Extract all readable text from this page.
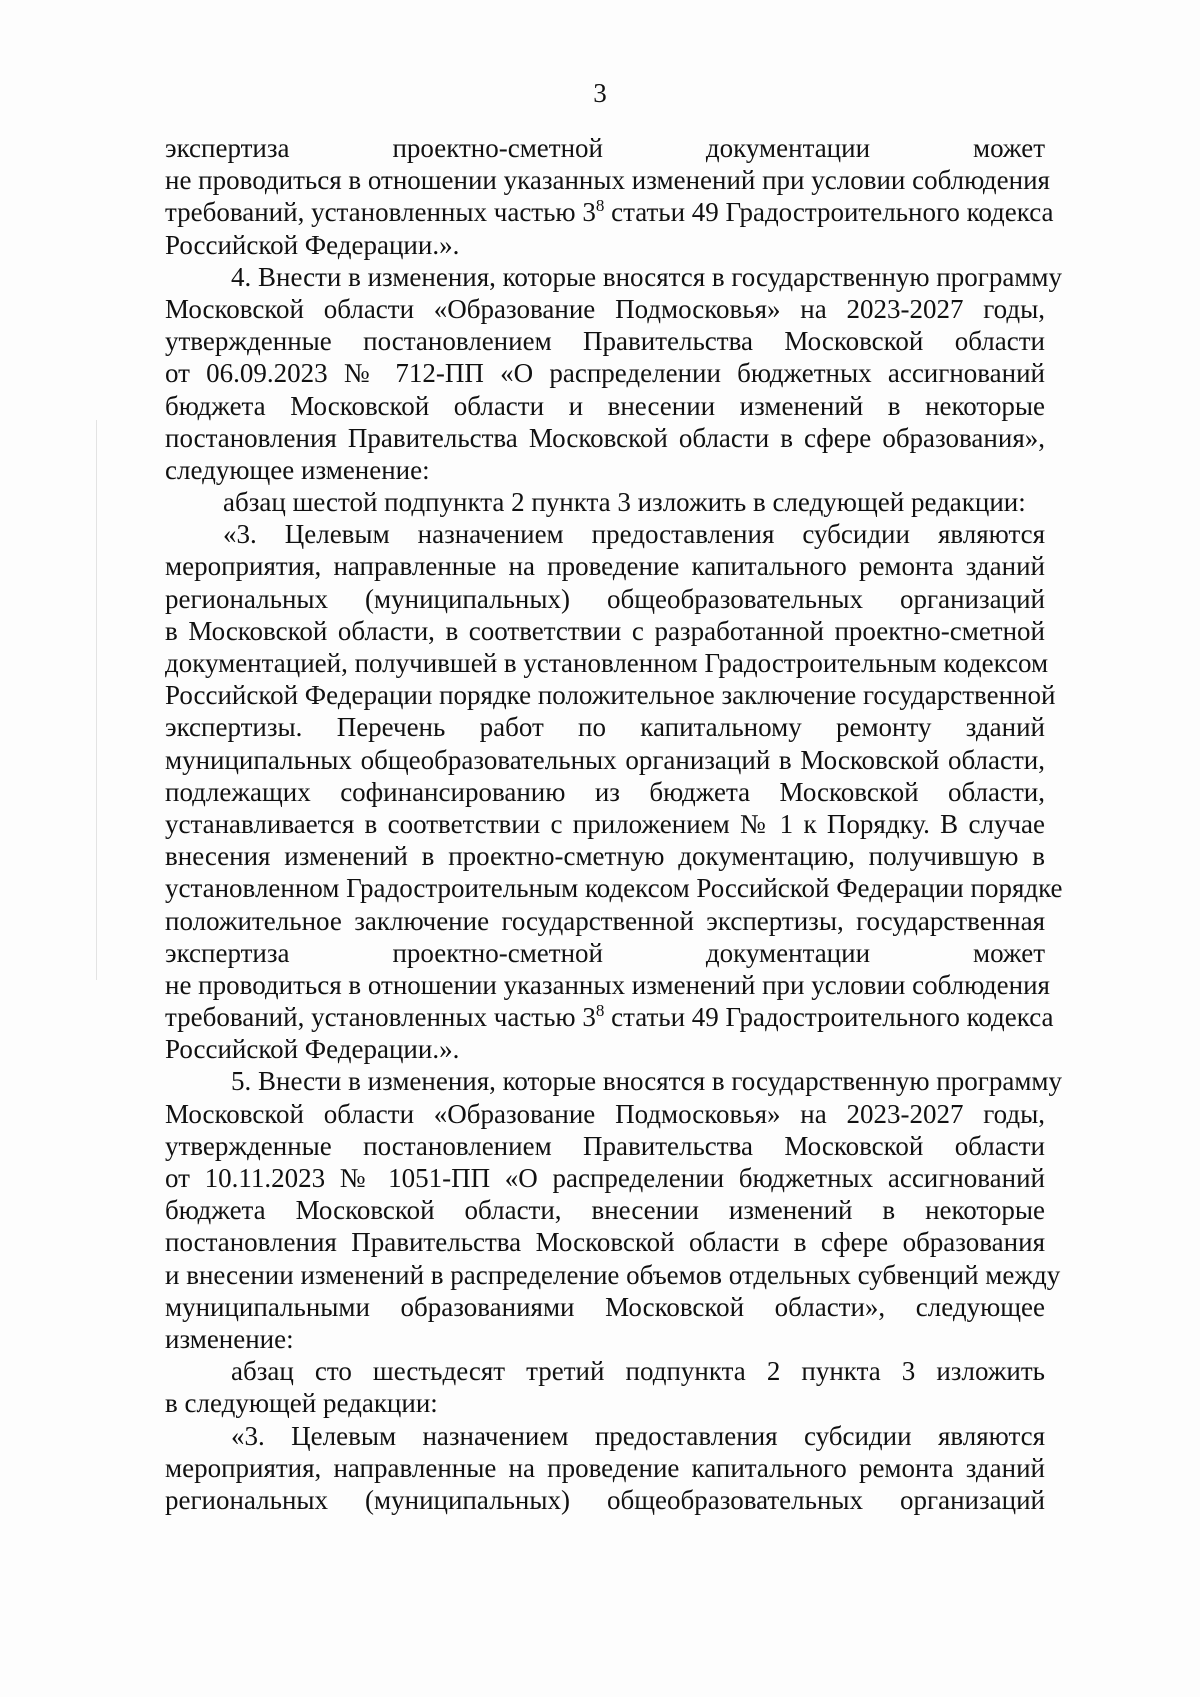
3
экспертиза проектно-сметной документации может
не проводиться в отношении указанных изменений при условии соблюдения
требований, установленных частью $3^8$ статьи 49 Градостроительного кодекса
Российской Федерации.».
4. Внести в изменения, которые вносятся в государственную программу
Московской области «Образование Подмосковья» на 2023-2027 годы,
утвержденные постановлением Правительства Московской области
от 06.09.2023 № 712-ПП «О распределении бюджетных ассигнований
бюджета Московской области и внесении изменений в некоторые
постановления Правительства Московской области в сфере образования»,
следующее изменение:
абзац шестой подпункта 2 пункта 3 изложить в следующей редакции:
«3. Целевым назначением предоставления субсидии являются
мероприятия, направленные на проведение капитального ремонта зданий
региональных (муниципальных) общеобразовательных организаций
в Московской области, в соответствии с разработанной проектно-сметной
документацией, получившей в установленном Градостроительным кодексом
Российской Федерации порядке положительное заключение государственной
экспертизы. Перечень работ по капитальному ремонту зданий
муниципальных общеобразовательных организаций в Московской области,
подлежащих софинансированию из бюджета Московской области,
устанавливается в соответствии с приложением № 1 к Порядку. В случае
внесения изменений в проектно-сметную документацию, получившую в
установленном Градостроительным кодексом Российской Федерации порядке
положительное заключение государственной экспертизы, государственная
экспертиза проектно-сметной документации может
не проводиться в отношении указанных изменений при условии соблюдения
требований, установленных частью $3^8$ статьи 49 Градостроительного кодекса
Российской Федерации.».
5. Внести в изменения, которые вносятся в государственную программу
Московской области «Образование Подмосковья» на 2023-2027 годы,
утвержденные постановлением Правительства Московской области
от 10.11.2023 № 1051-ПП «О распределении бюджетных ассигнований
бюджета Московской области, внесении изменений в некоторые
постановления Правительства Московской области в сфере образования
и внесении изменений в распределение объемов отдельных субвенций между
муниципальными образованиями Московской области», следующее
изменение:
абзац сто шестьдесят третий подпункта 2 пункта 3 изложить
в следующей редакции:
«3. Целевым назначением предоставления субсидии являются
мероприятия, направленные на проведение капитального ремонта зданий
региональных (муниципальных) общеобразовательных организаций
